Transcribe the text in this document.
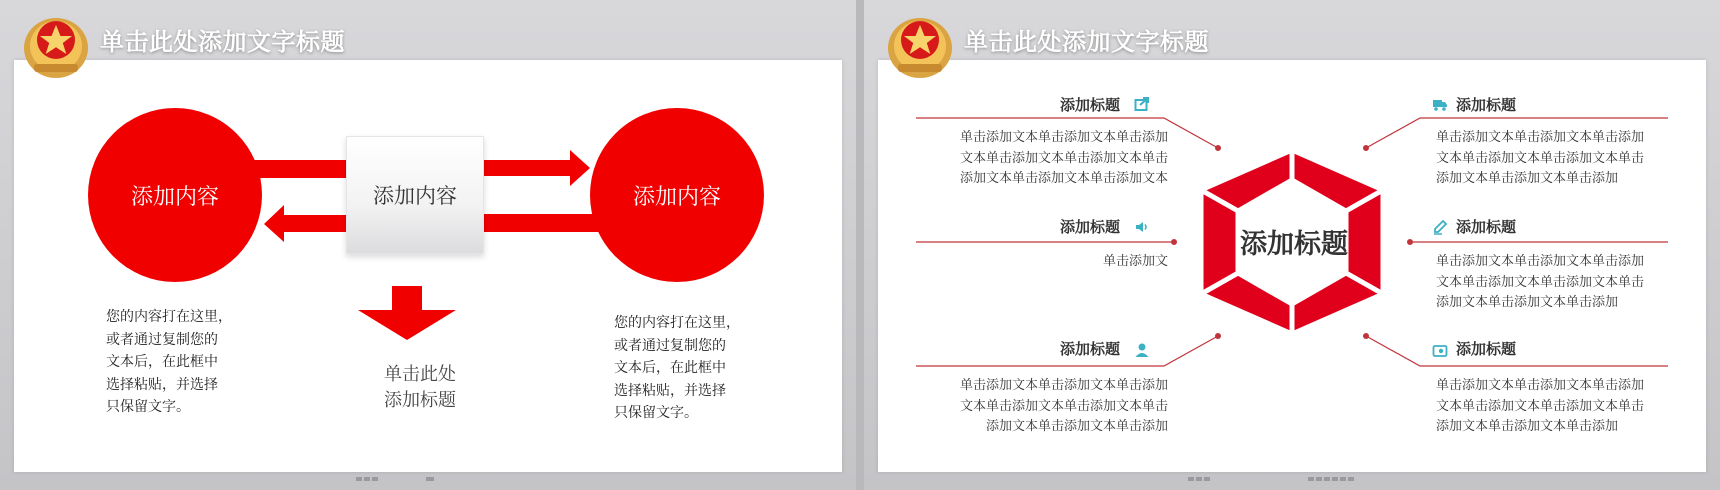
单击此处添加文字标题
添加内容	添加内容	添加内容
您的内容打在这里，
或者通过复制您的
文本后，在此框中
选择粘贴，并选择
只保留文字。
单击此处
添加标题
您的内容打在这里，
或者通过复制您的
文本后，在此框中
选择粘贴，并选择
只保留文字。
单击此处添加文字标题
添加标题
添加标题
单击添加文本单击添加文本单击添加
文本单击添加文本单击添加文本单击
添加文本单击添加文本单击添加文本
添加标题
单击添加文
添加标题
单击添加文本单击添加文本单击添加
文本单击添加文本单击添加文本单击
添加文本单击添加文本单击添加
添加标题
单击添加文本单击添加文本单击添加
文本单击添加文本单击添加文本单击
添加文本单击添加文本单击添加
添加标题
单击添加文本单击添加文本单击添加
文本单击添加文本单击添加文本单击
添加文本单击添加文本单击添加
添加标题
单击添加文本单击添加文本单击添加
文本单击添加文本单击添加文本单击
添加文本单击添加文本单击添加
